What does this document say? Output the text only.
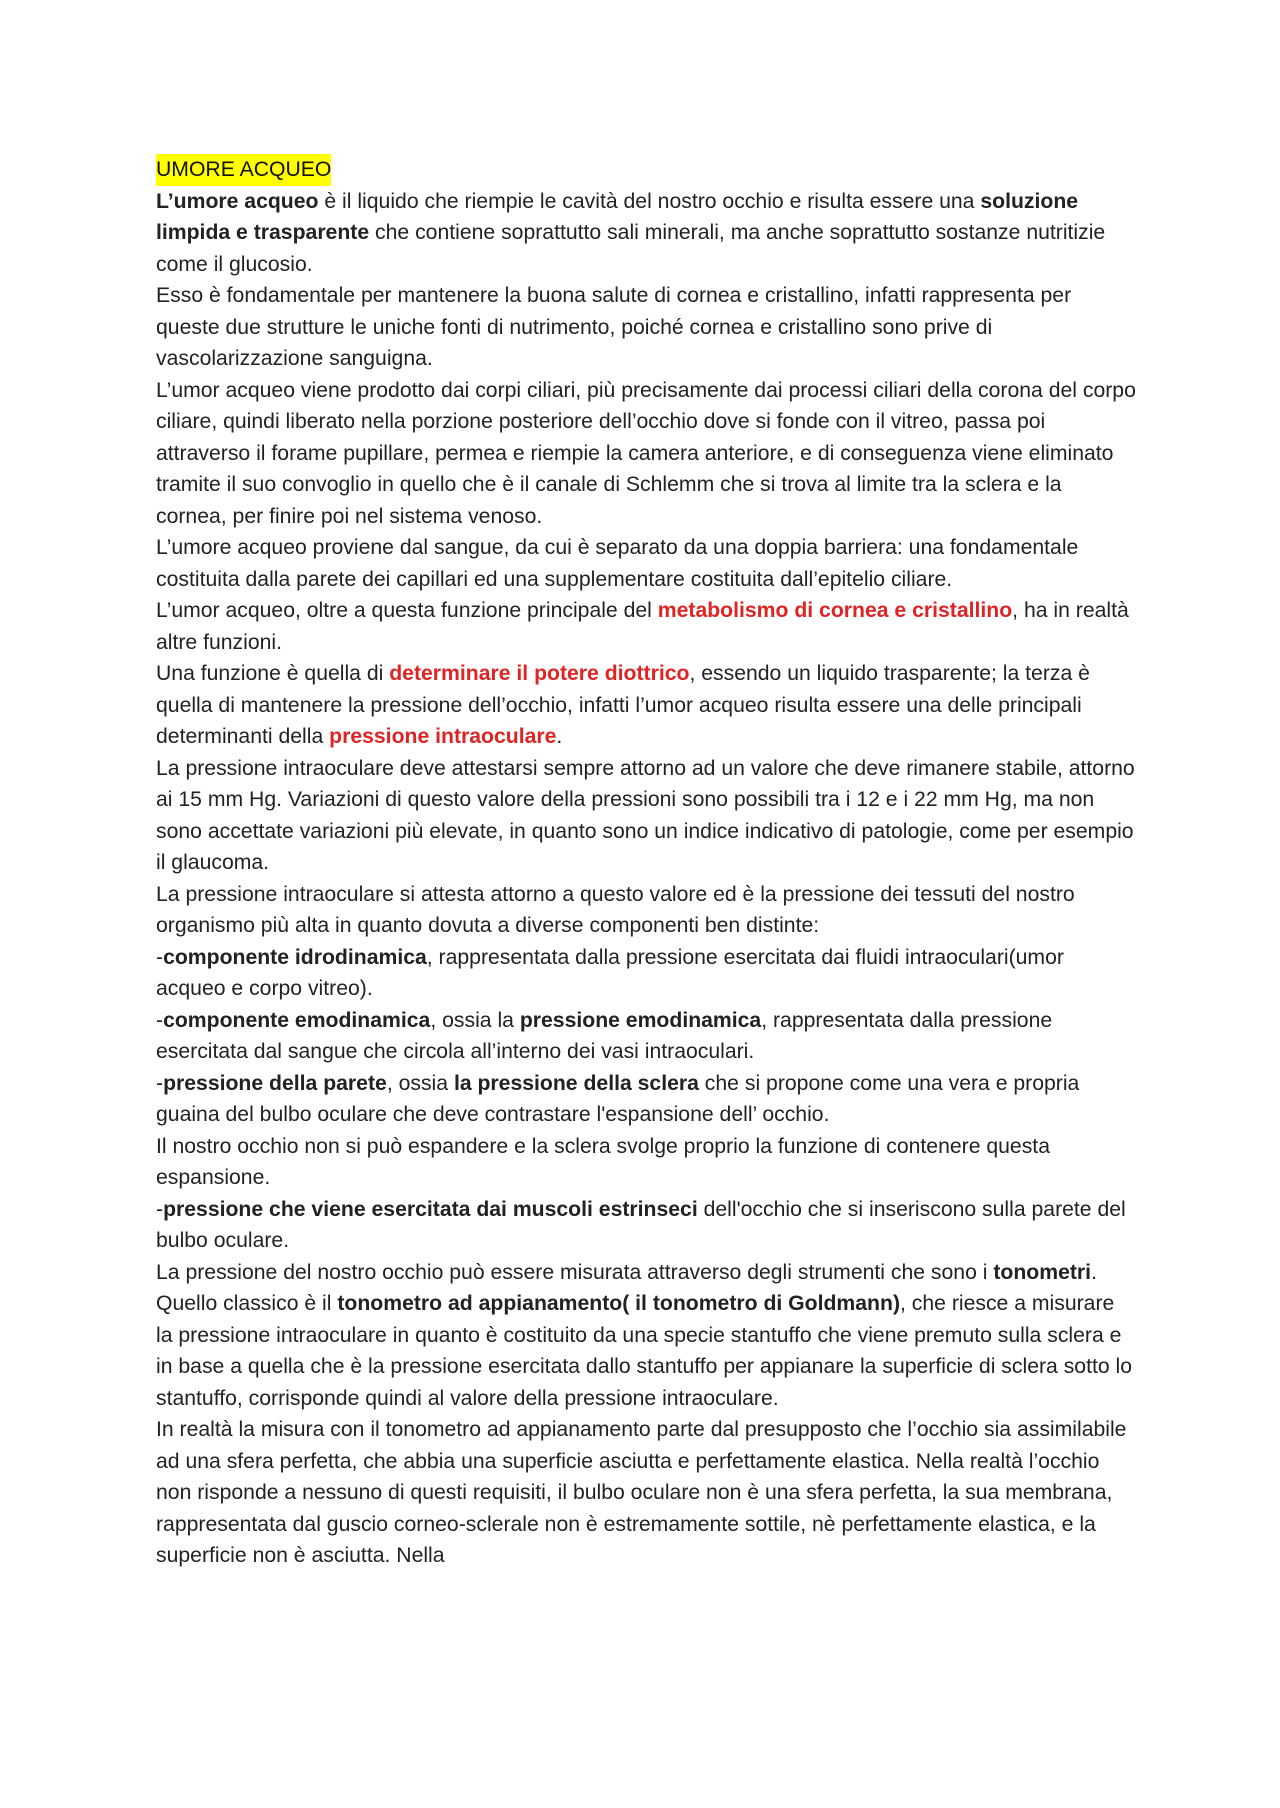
UMORE ACQUEO

L’umore acqueo è il liquido che riempie le cavità del nostro occhio e risulta essere una soluzione limpida e trasparente che contiene soprattutto sali minerali, ma anche soprattutto sostanze nutritizie come il glucosio.

Esso è fondamentale per mantenere la buona salute di cornea e cristallino, infatti rappresenta per queste due strutture le uniche fonti di nutrimento, poiché cornea e cristallino sono prive di vascolarizzazione sanguigna.

L’umor acqueo viene prodotto dai corpi ciliari, più precisamente dai processi ciliari della corona del corpo ciliare, quindi liberato nella porzione posteriore dell’occhio dove si fonde con il vitreo, passa poi attraverso il forame pupillare, permea e riempie la camera anteriore, e di conseguenza viene eliminato tramite il suo convoglio in quello che è il canale di Schlemm che si trova al limite tra la sclera e la cornea, per finire poi nel sistema venoso.

L’umore acqueo proviene dal sangue, da cui è separato da una doppia barriera: una fondamentale costituita dalla parete dei capillari ed una supplementare costituita dall’epitelio ciliare.

L’umor acqueo, oltre a questa funzione principale del metabolismo di cornea e cristallino, ha in realtà altre funzioni.

Una funzione è quella di determinare il potere diottrico, essendo un liquido trasparente; la terza è quella di mantenere la pressione dell’occhio, infatti l’umor acqueo risulta essere una delle principali determinanti della pressione intraoculare.

La pressione intraoculare deve attestarsi sempre attorno ad un valore che deve rimanere stabile, attorno ai 15 mm Hg. Variazioni di questo valore della pressioni sono possibili tra i 12 e i 22 mm Hg, ma non sono accettate variazioni più elevate, in quanto sono un indice indicativo di patologie, come per esempio il glaucoma.

La pressione intraoculare si attesta attorno a questo valore ed è la pressione dei tessuti del nostro organismo più alta in quanto dovuta a diverse componenti ben distinte:

-componente idrodinamica, rappresentata dalla pressione esercitata dai fluidi intraoculari(umor acqueo e corpo vitreo).

-componente emodinamica, ossia la pressione emodinamica, rappresentata dalla pressione esercitata dal sangue che circola all’interno dei vasi intraoculari.

-pressione della parete, ossia la pressione della sclera che si propone come una vera e propria guaina del bulbo oculare che deve contrastare l'espansione dell’ occhio.

Il nostro occhio non si può espandere e la sclera svolge proprio la funzione di contenere questa espansione.

-pressione che viene esercitata dai muscoli estrinseci dell'occhio che si inseriscono sulla parete del bulbo oculare.

La pressione del nostro occhio può essere misurata attraverso degli strumenti che sono i tonometri.

Quello classico è il tonometro ad appianamento( il tonometro di Goldmann), che riesce a misurare la pressione intraoculare in quanto è costituito da una specie stantuffo che viene premuto sulla sclera e in base a quella che è la pressione esercitata dallo stantuffo per appianare la superficie di sclera sotto lo stantuffo, corrisponde quindi al valore della pressione intraoculare.

In realtà la misura con il tonometro ad appianamento parte dal presupposto che l’occhio sia assimilabile ad una sfera perfetta, che abbia una superficie asciutta e perfettamente elastica. Nella realtà l’occhio non risponde a nessuno di questi requisiti, il bulbo oculare non è una sfera perfetta, la sua membrana, rappresentata dal guscio corneo-sclerale non è estremamente sottile, nè perfettamente elastica, e la superficie non è asciutta. Nella
